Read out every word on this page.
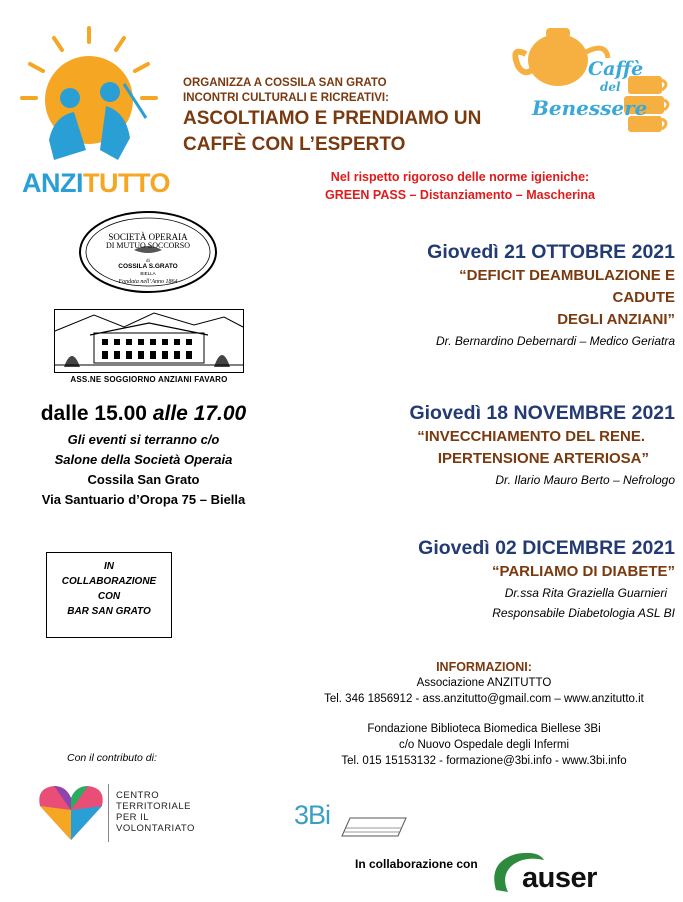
ANZITUTTO
ORGANIZZA A COSSILA SAN GRATO
INCONTRI CULTURALI E RICREATIVI:
ASCOLTIAMO E PRENDIAMO UN
CAFFÈ CON L’ESPERTO
Caffè
del
Benessere
Nel rispetto rigoroso delle norme igieniche:
GREEN PASS – Distanziamento – Mascherina
SOCIETÀ OPERAIA
DI MUTUO SOCCORSO
di
COSSILA S.GRATO
BIELLA
Fondata nell’Anno 1864
ASS.NE SOGGIORNO ANZIANI FAVARO
dalle 15.00 alle 17.00
Gli eventi si terranno c/o
Salone della Società Operaia
Cossila San Grato
Via Santuario d’Oropa 75 – Biella
IN
COLLABORAZIONE
CON
BAR SAN GRATO
Giovedì 21 OTTOBRE 2021
“DEFICIT DEAMBULAZIONE E
CADUTE
DEGLI ANZIANI”
Dr. Bernardino Debernardi – Medico Geriatra
Giovedì 18 NOVEMBRE 2021
“INVECCHIAMENTO DEL RENE.
IPERTENSIONE ARTERIOSA”
Dr. Ilario Mauro Berto – Nefrologo
Giovedì 02 DICEMBRE 2021
“PARLIAMO DI DIABETE”
Dr.ssa Rita Graziella Guarnieri
Responsabile Diabetologia ASL BI
INFORMAZIONI:
Associazione ANZITUTTO
Tel. 346 1856912 - ass.anzitutto@gmail.com – www.anzitutto.it
Fondazione Biblioteca Biomedica Biellese 3Bi
c/o Nuovo Ospedale degli Infermi
Tel. 015 15153132 - formazione@3bi.info - www.3bi.info
Con il contributo di:
CENTRO
TERRITORIALE
PER IL
VOLONTARIATO	3Bi
In collaborazione con auser
